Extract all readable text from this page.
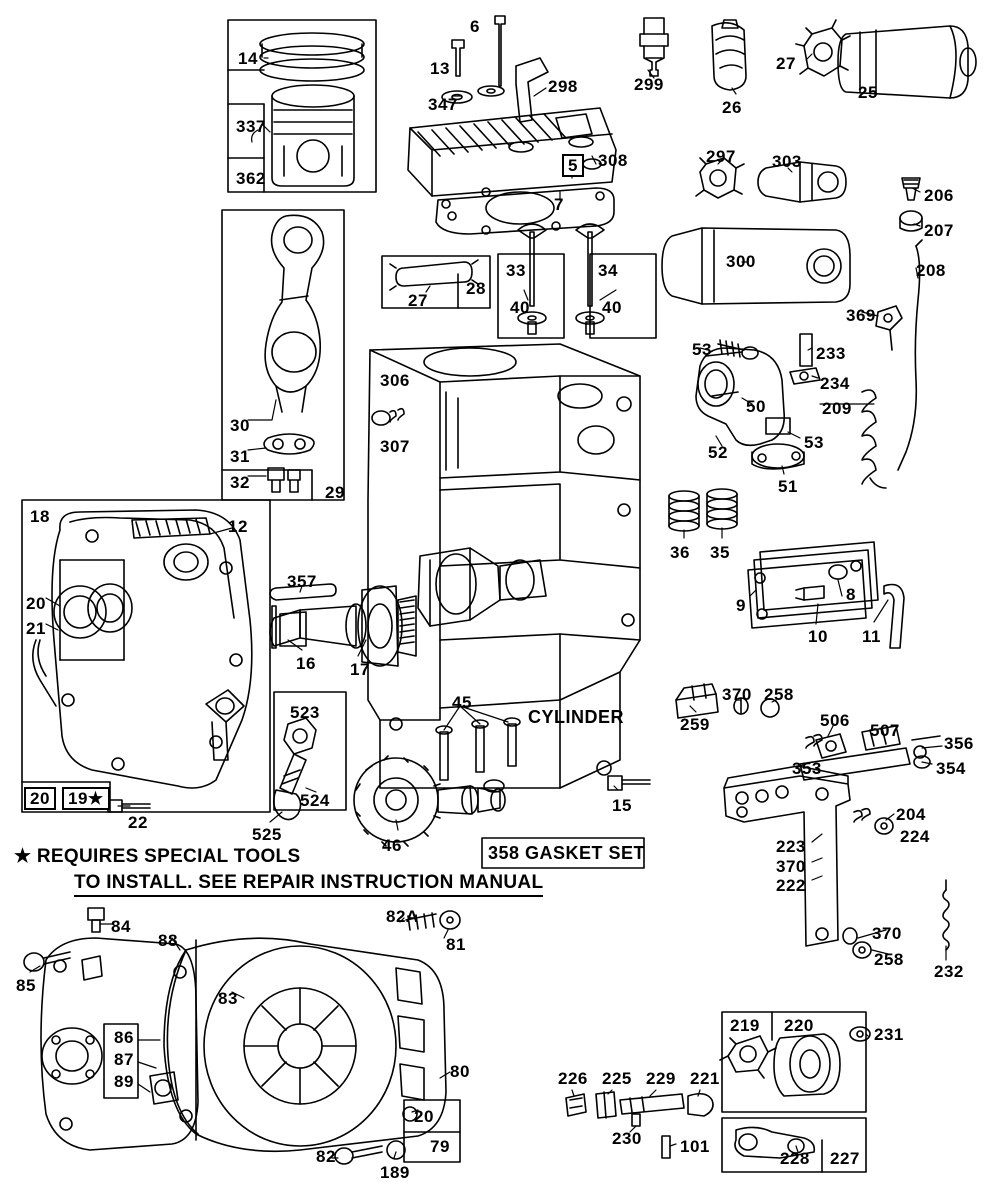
14
13
6
337
362
347
298	299
26
27
25
5	308
7
297 303
206
207
208
300
369
33	34
40	40
27
28
53	233
234
209
50
52
53
51
306
307
30
31
32
29
36 35
9
8
10 11
18
12
20
21
357
16 17
45
523
524
525
20	19★
22
46
15
259
370 258
506
507
356
354
353
204
224
223
370
222
370
258
232
84
88
85
83
82A
81
86
87
89
80
20
79
82
189
219 220	231
226 225 229 221
230 101
228 227
CYLINDER
358 GASKET SET
★ REQUIRES SPECIAL TOOLS
TO INSTALL. SEE REPAIR INSTRUCTION MANUAL
